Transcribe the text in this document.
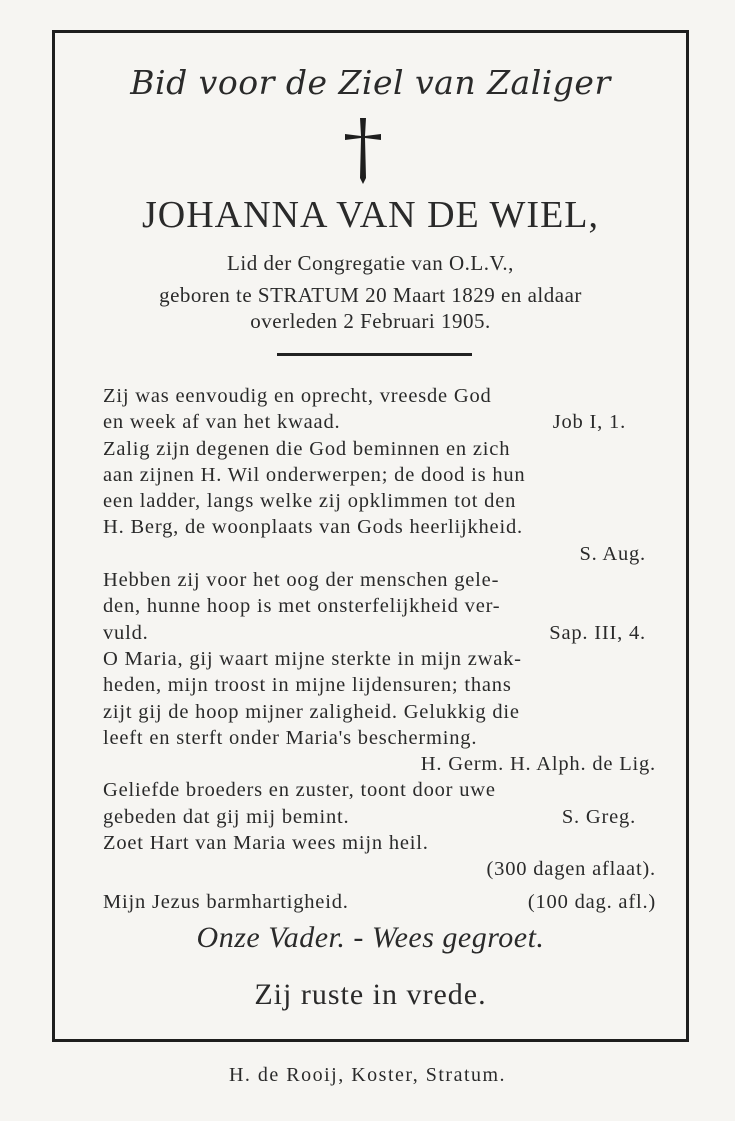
Bid voor de Ziel van Zaliger
JOHANNA VAN DE WIEL,
Lid der Congregatie van O.L.V.,
geboren te STRATUM 20 Maart 1829 en aldaar
overleden 2 Februari 1905.
Zij was eenvoudig en oprecht, vreesde God
en week af van het kwaad.	Job I, 1.
Zalig zijn degenen die God beminnen en zich
aan zijnen H. Wil onderwerpen; de dood is hun
een ladder, langs welke zij opklimmen tot den
H. Berg, de woonplaats van Gods heerlijkheid.
S. Aug.
Hebben zij voor het oog der menschen gele-
den, hunne hoop is met onsterfelijkheid ver-
vuld.	Sap. III, 4.
O Maria, gij waart mijne sterkte in mijn zwak-
heden, mijn troost in mijne lijdensuren; thans
zijt gij de hoop mijner zaligheid. Gelukkig die
leeft en sterft onder Maria's bescherming.
H. Germ. H. Alph. de Lig.
Geliefde broeders en zuster, toont door uwe
gebeden dat gij mij bemint.	S. Greg.
Zoet Hart van Maria wees mijn heil.
(300 dagen aflaat).
Mijn Jezus barmhartigheid.	(100 dag. afl.)
Onze Vader. - Wees gegroet.
Zij ruste in vrede.
H. de Rooij, Koster, Stratum.
